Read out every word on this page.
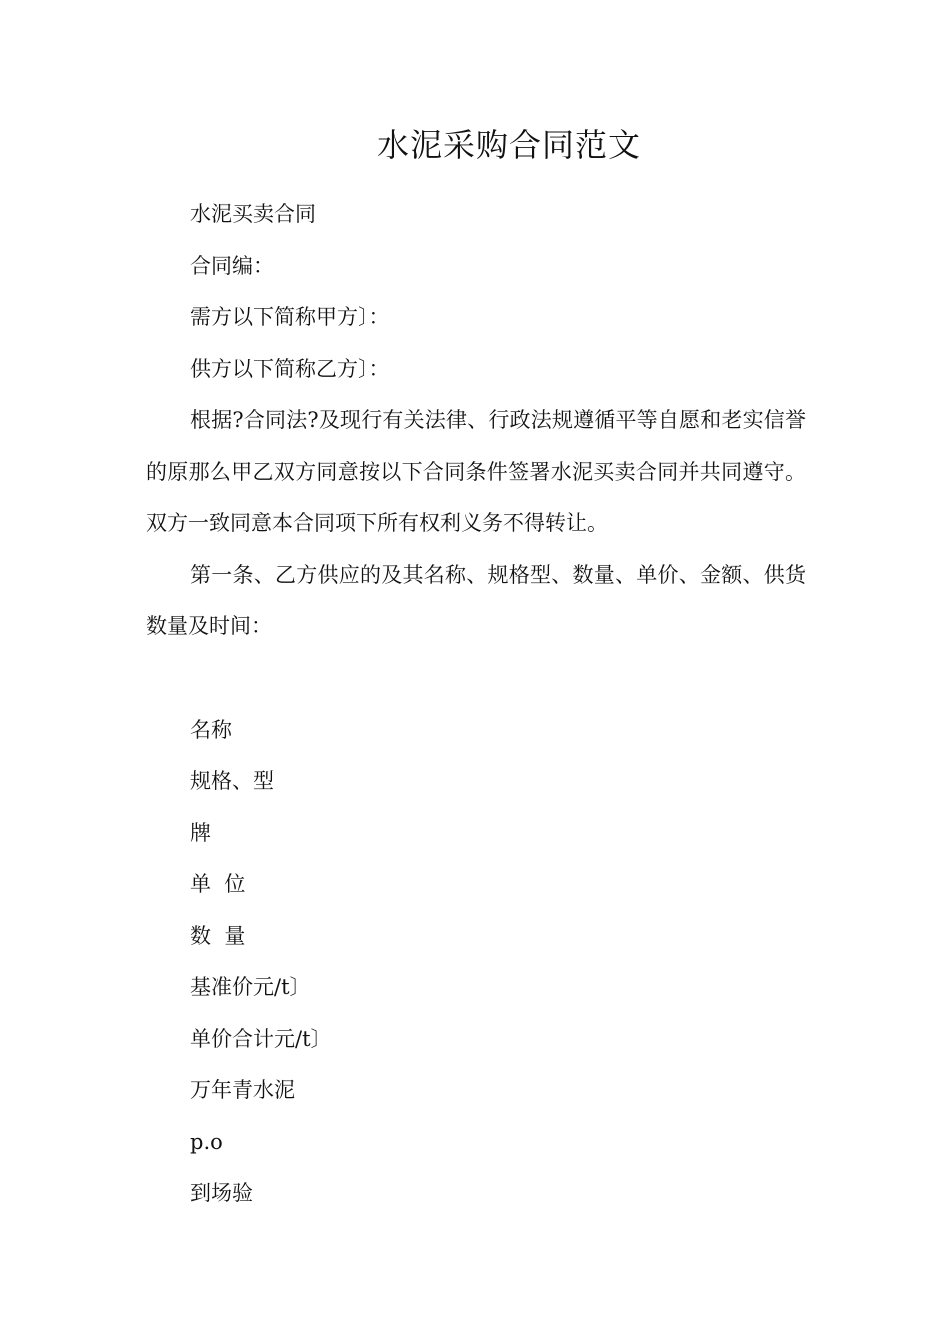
水泥采购合同范文

水泥买卖合同

合同编：

需方以下简称甲方〕：

供方以下简称乙方〕：

根据?合同法?及现行有关法律、行政法规遵循平等自愿和老实信誉的原那么甲乙双方同意按以下合同条件签署水泥买卖合同并共同遵守。双方一致同意本合同项下所有权利义务不得转让。

第一条、乙方供应的及其名称、规格型、数量、单价、金额、供货数量及时间：

名称

规格、型

牌

单  位

数  量

基准价元/t〕

单价合计元/t〕

万年青水泥

p.o

到场验
